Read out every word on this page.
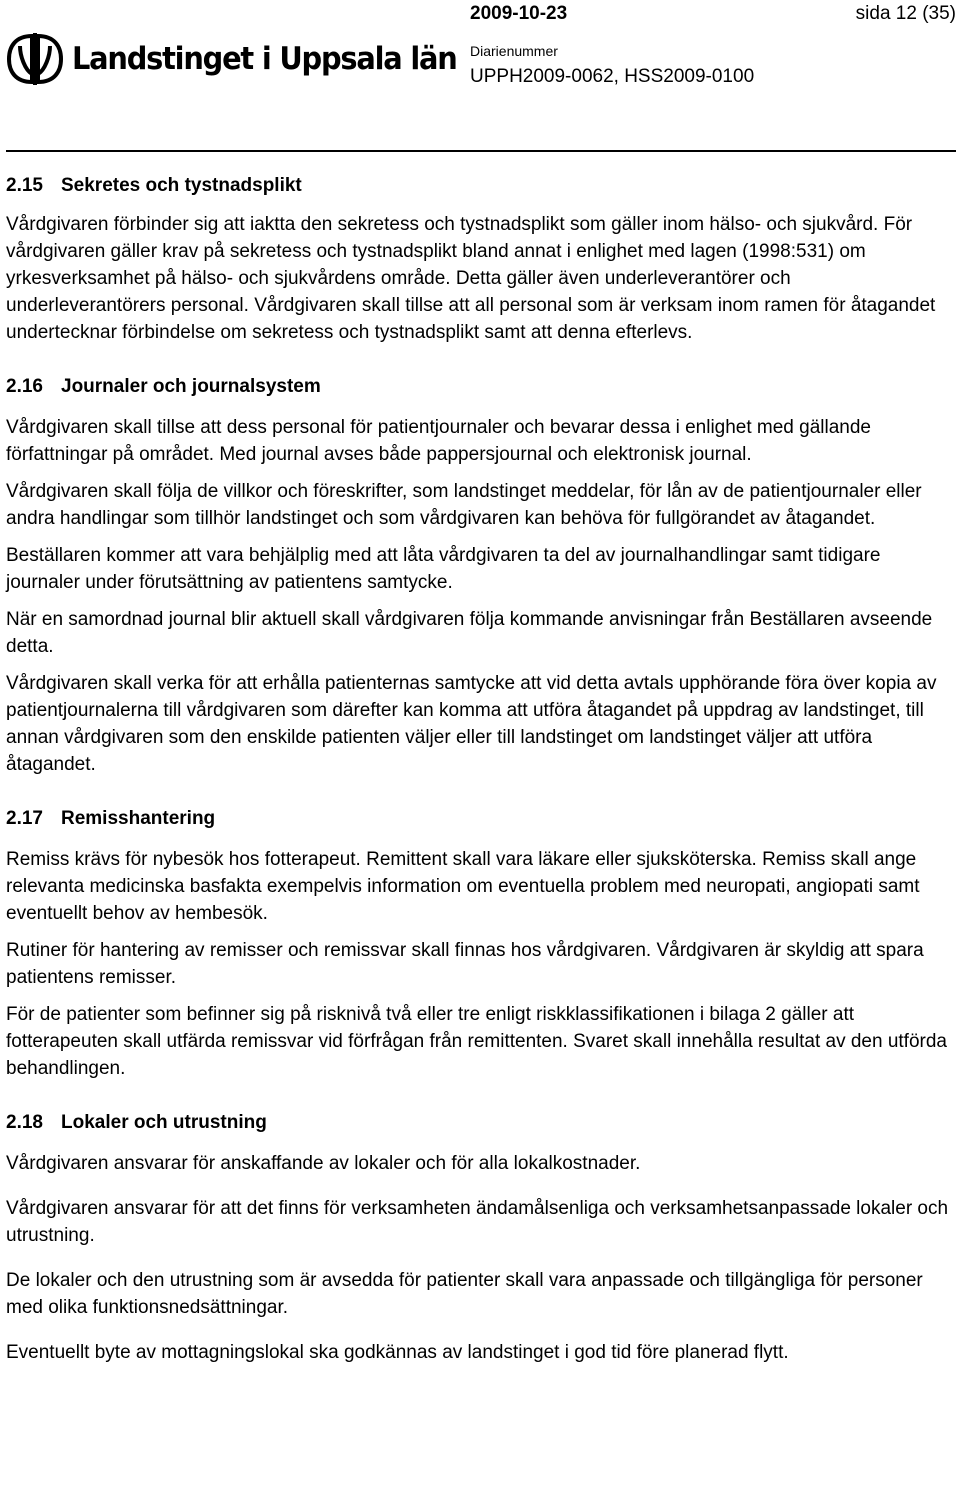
Landstinget i Uppsala län
2009-10-23	sida 12 (35)
Diarienummer
UPPH2009-0062, HSS2009-0100
2.15 Sekretes och tystnadsplikt

Vårdgivaren förbinder sig att iaktta den sekretess och tystnadsplikt som gäller inom hälso- och sjukvård. För vårdgivaren gäller krav på sekretess och tystnadsplikt bland annat i enlighet med lagen (1998:531) om yrkesverksamhet på hälso- och sjukvårdens område. Detta gäller även underleverantörer och underleverantörers personal. Vårdgivaren skall tillse att all personal som är verksam inom ramen för åtagandet undertecknar förbindelse om sekretess och tystnadsplikt samt att denna efterlevs.

2.16 Journaler och journalsystem

Vårdgivaren skall tillse att dess personal för patientjournaler och bevarar dessa i enlighet med gällande författningar på området. Med journal avses både pappersjournal och elektronisk journal.

Vårdgivaren skall följa de villkor och föreskrifter, som landstinget meddelar, för lån av de patientjournaler eller andra handlingar som tillhör landstinget och som vårdgivaren kan behöva för fullgörandet av åtagandet.

Beställaren kommer att vara behjälplig med att låta vårdgivaren ta del av journalhandlingar samt tidigare journaler under förutsättning av patientens samtycke.

När en samordnad journal blir aktuell skall vårdgivaren följa kommande anvisningar från Beställaren avseende detta.

Vårdgivaren skall verka för att erhålla patienternas samtycke att vid detta avtals upphörande föra över kopia av patientjournalerna till vårdgivaren som därefter kan komma att utföra åtagandet på uppdrag av landstinget, till annan vårdgivaren som den enskilde patienten väljer eller till landstinget om landstinget väljer att utföra åtagandet.

2.17 Remisshantering

Remiss krävs för nybesök hos fotterapeut. Remittent skall vara läkare eller sjuksköterska. Remiss skall ange relevanta medicinska basfakta exempelvis information om eventuella problem med neuropati, angiopati samt eventuellt behov av hembesök.

Rutiner för hantering av remisser och remissvar skall finnas hos vårdgivaren. Vårdgivaren är skyldig att spara patientens remisser.

För de patienter som befinner sig på risknivå två eller tre enligt riskklassifikationen i bilaga 2 gäller att fotterapeuten skall utfärda remissvar vid förfrågan från remittenten. Svaret skall innehålla resultat av den utförda behandlingen.

2.18 Lokaler och utrustning

Vårdgivaren ansvarar för anskaffande av lokaler och för alla lokalkostnader.

Vårdgivaren ansvarar för att det finns för verksamheten ändamålsenliga och verksamhetsanpassade lokaler och utrustning.

De lokaler och den utrustning som är avsedda för patienter skall vara anpassade och tillgängliga för personer med olika funktionsnedsättningar.

Eventuellt byte av mottagningslokal ska godkännas av landstinget i god tid före planerad flytt.
